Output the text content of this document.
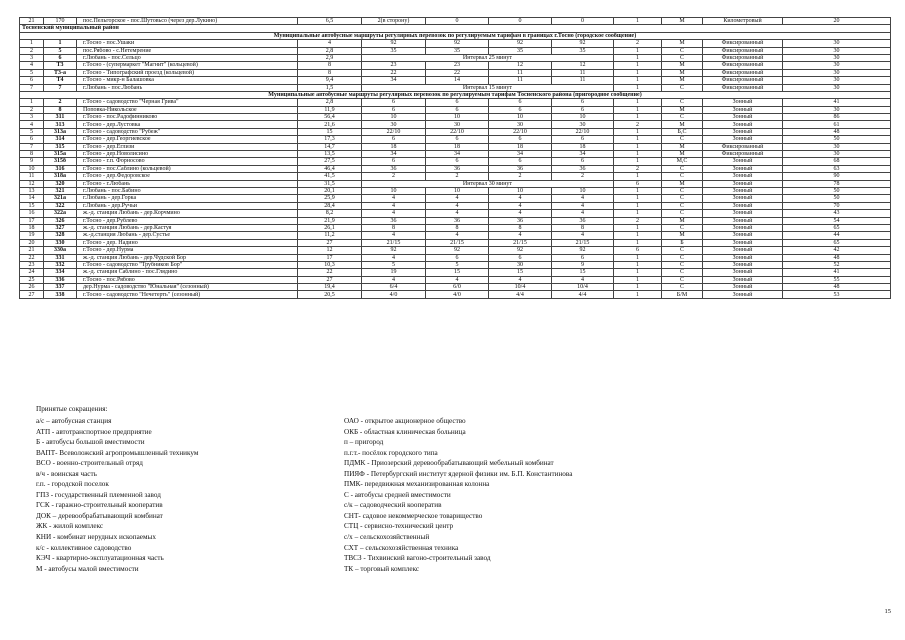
21	170	пос.Пельгорское - пос.Шутовьсо (через дер.Лукино)	6,5	2(в сторону)	0	0	0	1	М	Километровый	20
Тосненский муниципальный район											
Муниципальные автобусные маршруты регулярных перевозок по регулируемым тарифам в границах г.Тосно (городское сообщение)											
1	1	г.Тосно - пос.Ушаки	4	92	92	92	92	2	М	Фиксированный	30
2	5	пос.Рябово - с.Нетемрение	2,8	35	35	35	35	1	С	Фиксированный	30
3	6	г.Любань - пос.Сельцо	2,9	Интервал 25 минут				1	С	Фиксированный	30
4	Т3	г.Тосно - (супермаркет "Магнит" (кольцевой)	8	23	23	12	12	1	М	Фиксированный	30
5	Т3-а	г.Тосно - Типографский проезд (кольцевой)	8	22	22	11	11	1	М	Фиксированный	30
6	Т4	г.Тосно - микр-н Балашовка	9,4	34	14	11	11	1	М	Фиксированный	30
7	7	г.Любань - пос.Любань	1,5	Интервал 15 минут				1	С	Фиксированный	30
Муниципальные автобусные маршруты регулярных перевозок по регулируемым тарифам Тосненского района (пригородное сообщение)											
1	2	г.Тосно - садоводство "Черная Грива"	2,8	6	6	6	6	1	С	Зонный	41
2	8	Поповка-Никольское	11,9	6	6	6	6	1	М	Зонный	30
3	311	г.Тосно - пос.Радофинниково	56,4	10	10	10	10	1	С	Зонный	86
4	313	г.Тосно - дер.Лустовка	21,6	30	30	30	30	2	М	Зонный	61
5	313а	г.Тосно - садоводство "Рубеж"	15	22/10	22/10	22/10	22/10	1	Б,С	Зонный	48
6	314	г.Тосно - дер.Георгиевское	17,3	6	6	6	6	1	С	Зонный	50
7	315	г.Тосно - дер.Еглизи	14,7	18	18	18	18	1	М	Фиксированный	30
8	315а	г.Тосно - дер.Новолисино	13,5	34	34	34	34	1	М	Фиксированный	30
9	315б	г.Тосно - г.п. Форносово	27,5	6	6	6	6	1	М,С	Зонный	68
10	316	г.Тосно - пос.Саблино (кольцевой)	46,4	36	36	36	36	2	С	Зонный	63
11	318а	г.Тосно - дер.Федоровское	41,5	2	2	2	2	1	С	Зонный	90
12	320	г.Тосно - г.Любань	31,5	Интервал 30 минут				6	М	Зонный	78
13	321	г.Любань - пос.Бабино	20,1	10	10	10	10	1	С	Зонный	50
14	321а	г.Любань - дер.Горка	25,9	4	4	4	4	1	С	Зонный	50
15	322	г.Любань - дер.Ручьи	28,4	4	4	4	4	1	С	Зонный	70
16	322а	ж.-д. станция Любань - дер.Корчмино	8,2	4	4	4	4	1	С	Зонный	43
17	326	г.Тосно - дер.Рублево	21,9	36	36	36	36	2	М	Зонный	54
18	327	ж.-д. станция Любань - дер.Кастуя	26,1	8	8	8	8	1	С	Зонный	65
19	328	ж.-д.станция Любань - дер.Сустье	11,2	4	4	4	4	1	М	Зонный	44
20	330	г.Тосно - дер. Надино	27	21/15	21/15	21/15	21/15	1	Б	Зонный	65
21	330а	г.Тосно - дер.Нурма	12	92	92	92	92	6	С	Зонный	42
22	331	ж.-д. станция Любань - дер.Чудской Бор	17	4	6	6	6	1	С	Зонный	48
23	332	г.Тосно - садоводство "Трубников Бор"	10,3	5	5	30	9	1	С	Зонный	52
24	334	ж.-д. станция Саблино - пос.Глядино	22	19	15	15	15	1	С	Зонный	41
25	336	г.Тосно - пос.Рябово	27	4	4	4	4	1	С	Зонный	55
26	337	дер.Нурма - садоводство "Юнальная" (сезонный)	19,4	6/4	6/0	10/4	10/4	1	С	Зонный	48
27	338	г.Тосно - садоводство "Нечетерть" (сезонный)	20,5	4/0	4/0	4/4	4/4	1	Б/М	Зонный	53
Принятые сокращения:
а/с – автобусная станция
АТП - автотранспортное предприятие
Б - автобусы большой вместимости
ВАПТ- Всеволожский агропромышленный техникум
ВСО - военно-строительный отряд
в/ч - воинская часть
г.п. - городской поселок
ГПЗ - государственный племенной завод
ГСК - гаражно-строительный кооператив
ДОК – деревообрабатывающий комбинат
ЖК - жилой комплекс
КНИ - комбинат нерудных ископаемых
к/с - коллективное садоводство
КЭЧ - квартирно-эксплуатационная часть
М - автобусы малой вместимости
ОАО - открытое акционерное общество
ОКБ - областная клиническая больница
п – пригород
п.г.т.- посёлок городского типа
ПДМК - Приозерский деревообрабатывающий мебельный комбинат
ПИЯФ - Петербургский институт ядерной физики им. Б.П. Константинова
ПМК- передвижная механизированная колонна
С - автобусы средней вместимости
с/к – садоводческий кооператив
СНТ- садовое некоммерческое товарищество
СТЦ - сервисно-технический центр
с/х – сельскохозяйственный
СХТ – сельскохозяйственная техника
ТВСЗ - Тихвинский вагоно-строительный завод
ТК – торговый комплекс
15
